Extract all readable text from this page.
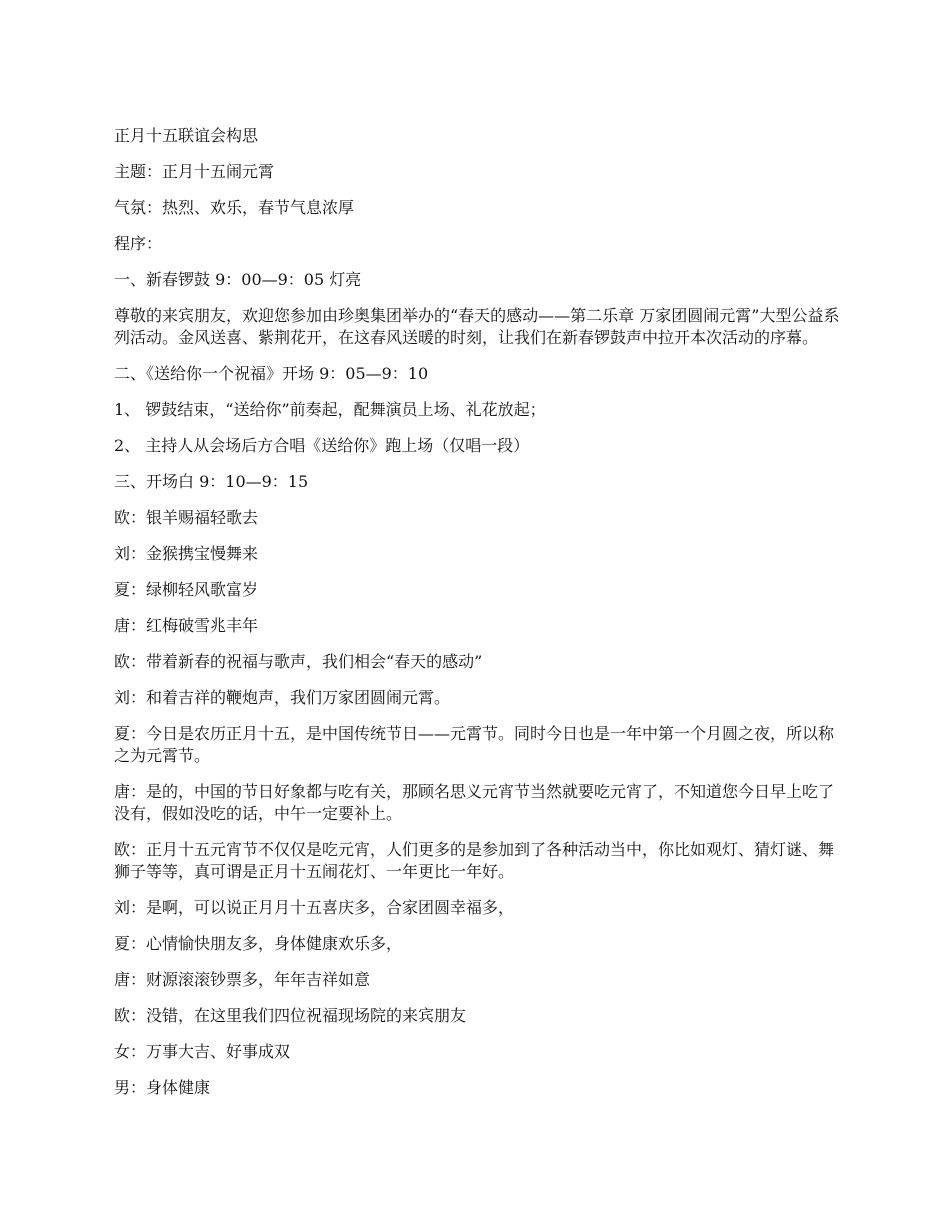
正月十五联谊会构思

主题：正月十五闹元霄

气氛：热烈、欢乐，春节气息浓厚

程序：

一、新春锣鼓 9：00—9：05 灯亮

尊敬的来宾朋友，欢迎您参加由珍奥集团举办的“春天的感动——第二乐章 万家团圆闹元霄”大型公益系列活动。金风送喜、紫荆花开，在这春风送暖的时刻，让我们在新春锣鼓声中拉开本次活动的序幕。

二、《送给你一个祝福》开场 9：05—9：10

1、 锣鼓结束，“送给你”前奏起，配舞演员上场、礼花放起；

2、 主持人从会场后方合唱《送给你》跑上场（仅唱一段）

三、开场白 9：10—9：15

欧：银羊赐福轻歌去

刘：金猴携宝慢舞来

夏：绿柳轻风歌富岁

唐：红梅破雪兆丰年

欧：带着新春的祝福与歌声，我们相会“春天的感动”

刘：和着吉祥的鞭炮声，我们万家团圆闹元霄。

夏：今日是农历正月十五，是中国传统节日——元霄节。同时今日也是一年中第一个月圆之夜，所以称之为元霄节。

唐：是的，中国的节日好象都与吃有关，那顾名思义元宵节当然就要吃元宵了，不知道您今日早上吃了没有，假如没吃的话，中午一定要补上。

欧：正月十五元宵节不仅仅是吃元宵，人们更多的是参加到了各种活动当中，你比如观灯、猜灯谜、舞狮子等等，真可谓是正月十五闹花灯、一年更比一年好。

刘：是啊，可以说正月月十五喜庆多，合家团圆幸福多，

夏：心情愉快朋友多，身体健康欢乐多，

唐：财源滚滚钞票多，年年吉祥如意

欧：没错，在这里我们四位祝福现场院的来宾朋友

女：万事大吉、好事成双

男：身体健康
